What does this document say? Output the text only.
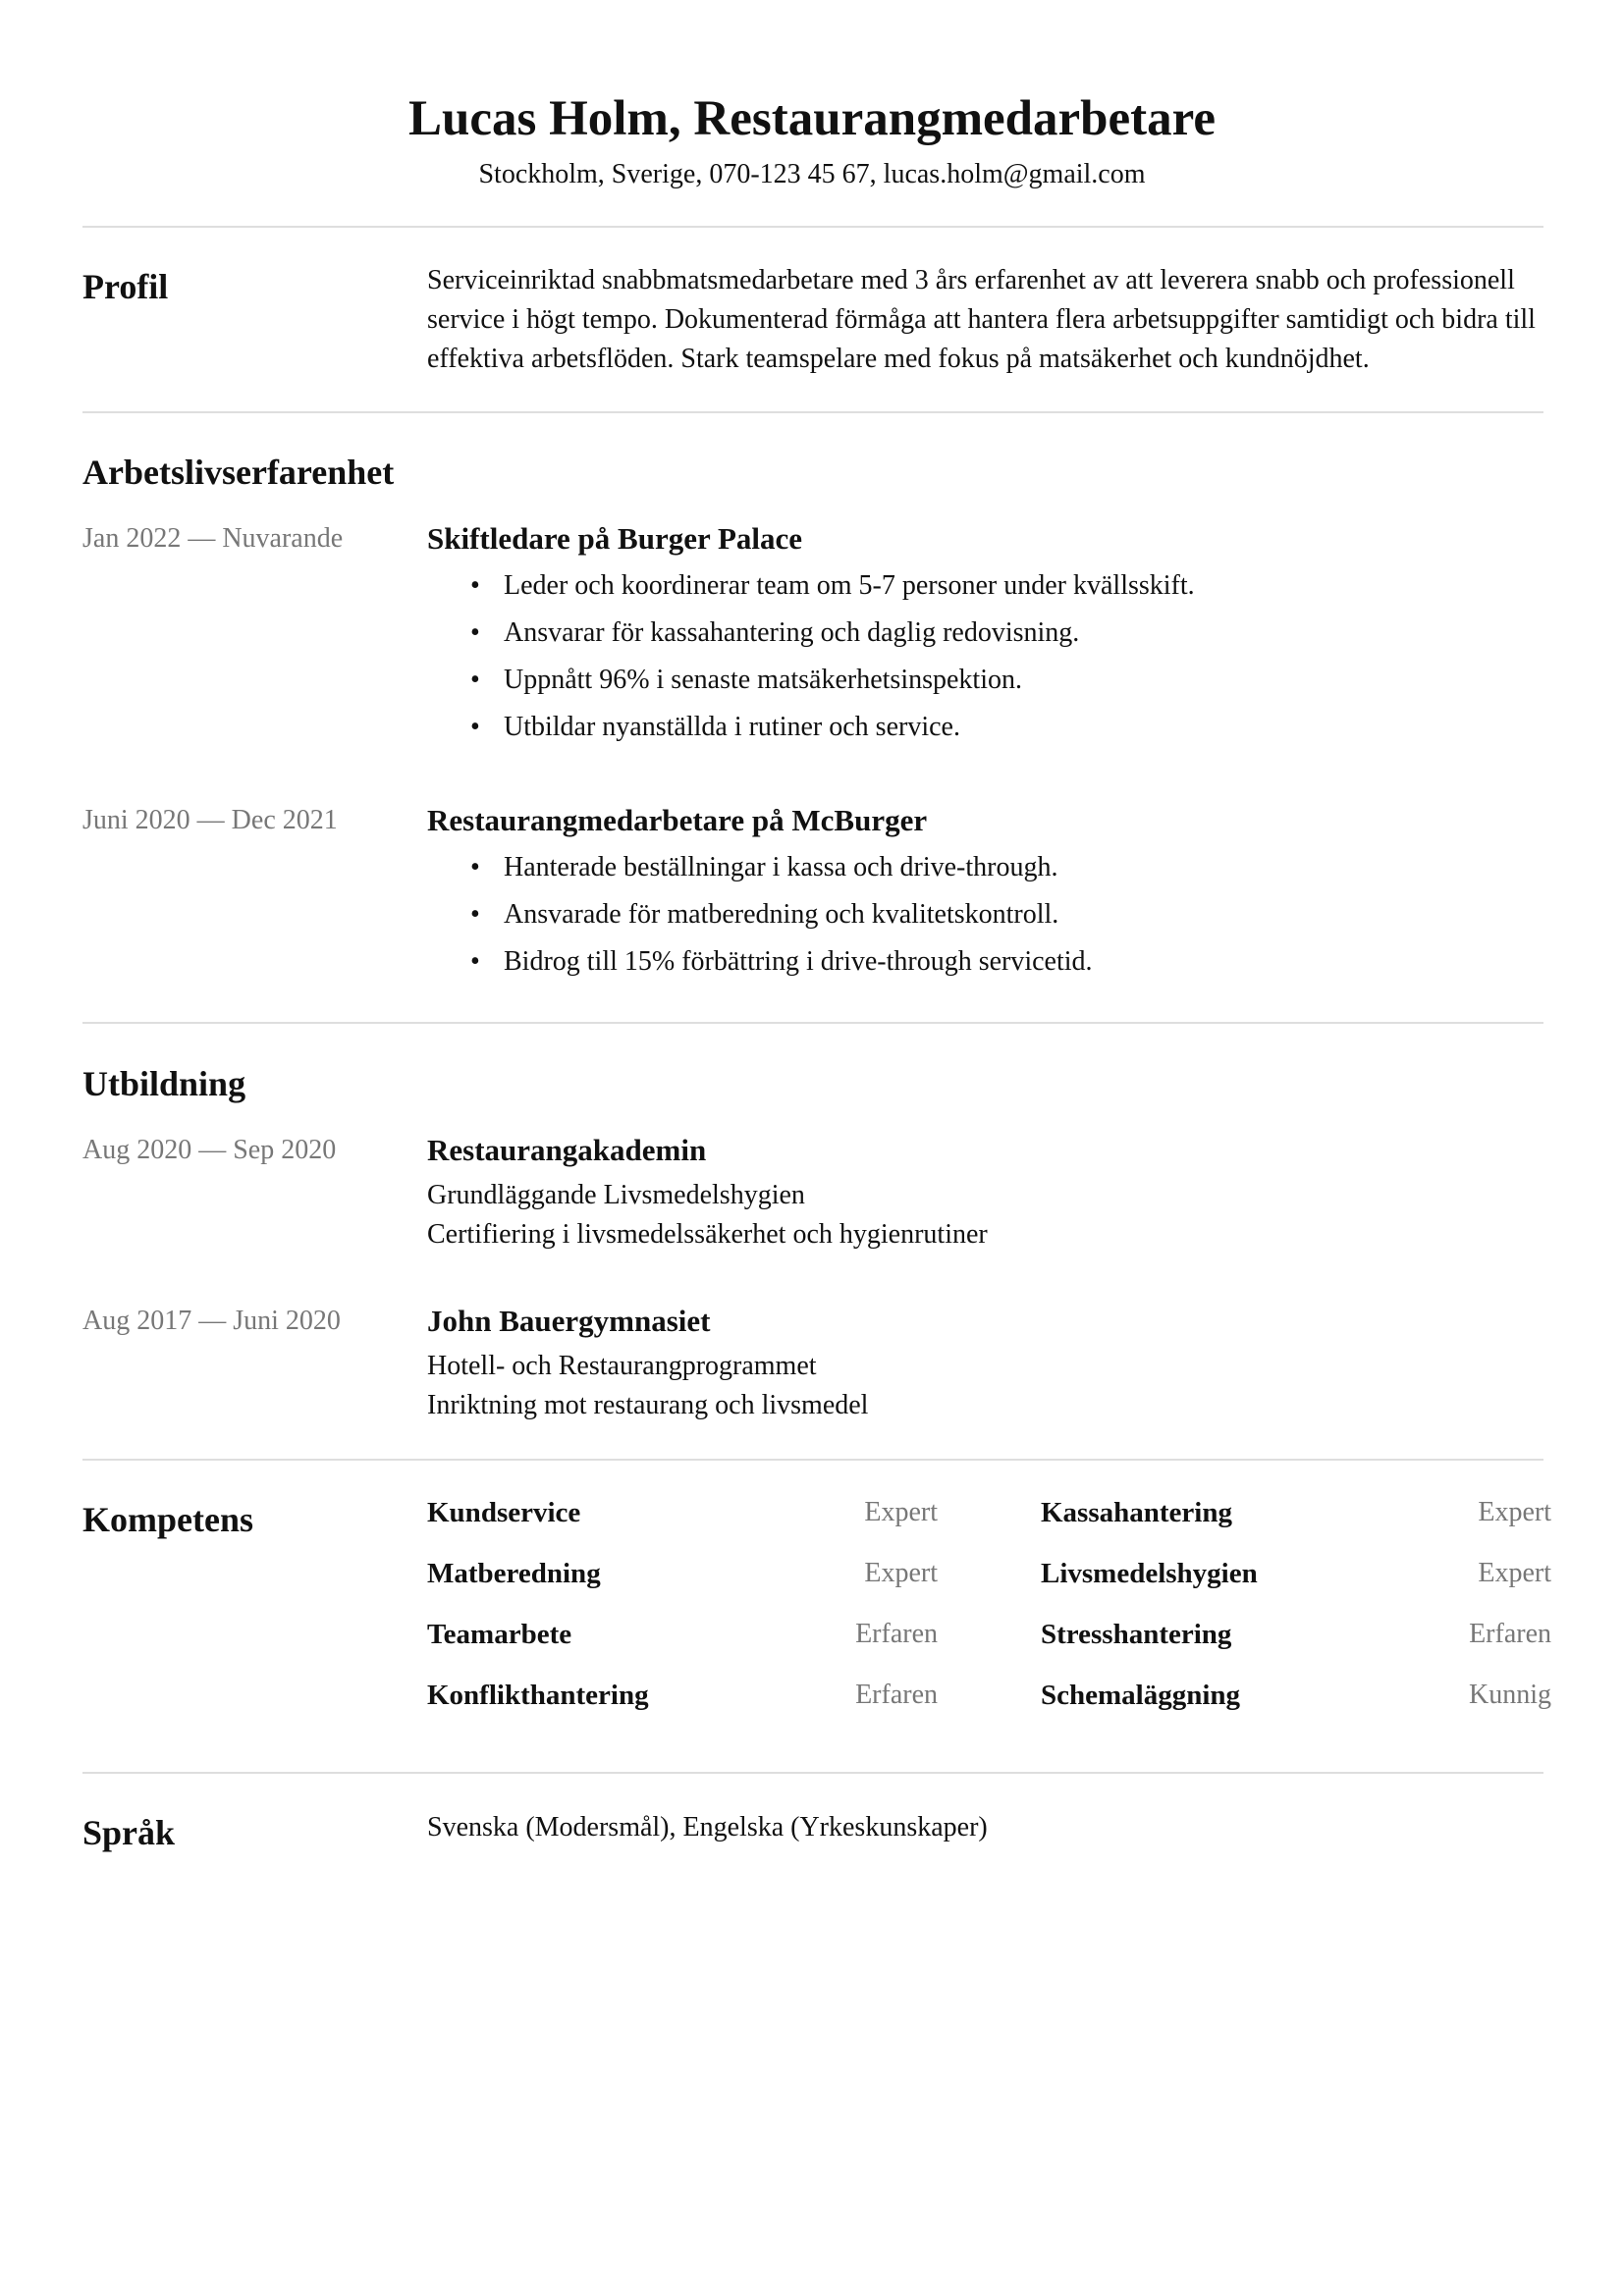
Lucas Holm, Restaurangmedarbetare
Stockholm, Sverige, 070-123 45 67, lucas.holm@gmail.com
Profil	Serviceinriktad snabbmatsmedarbetare med 3 års erfarenhet av att leverera snabb och professionell service i högt tempo. Dokumenterad förmåga att hantera flera arbetsuppgifter samtidigt och bidra till effektiva arbetsflöden. Stark teamspelare med fokus på matsäkerhet och kundnöjdhet.
Arbetslivserfarenhet
Jan 2022 — Nuvarande	Skiftledare på Burger Palace
• Leder och koordinerar team om 5-7 personer under kvällsskift.
• Ansvarar för kassahantering och daglig redovisning.
• Uppnått 96% i senaste matsäkerhetsinspektion.
• Utbildar nyanställda i rutiner och service.
Juni 2020 — Dec 2021	Restaurangmedarbetare på McBurger
• Hanterade beställningar i kassa och drive-through.
• Ansvarade för matberedning och kvalitetskontroll.
• Bidrog till 15% förbättring i drive-through servicetid.
Utbildning
Aug 2020 — Sep 2020	Restaurangakademin
Grundläggande Livsmedelshygien
Certifiering i livsmedelssäkerhet och hygienrutiner
Aug 2017 — Juni 2020	John Bauergymnasiet
Hotell- och Restaurangprogrammet
Inriktning mot restaurang och livsmedel
Kompetens	Kundservice	Expert	Kassahantering	Expert
Matberedning	Expert	Livsmedelshygien	Expert
Teamarbete	Erfaren	Stresshantering	Erfaren
Konflikthantering	Erfaren	Schemaläggning	Kunnig
Språk	Svenska (Modersmål), Engelska (Yrkeskunskaper)
